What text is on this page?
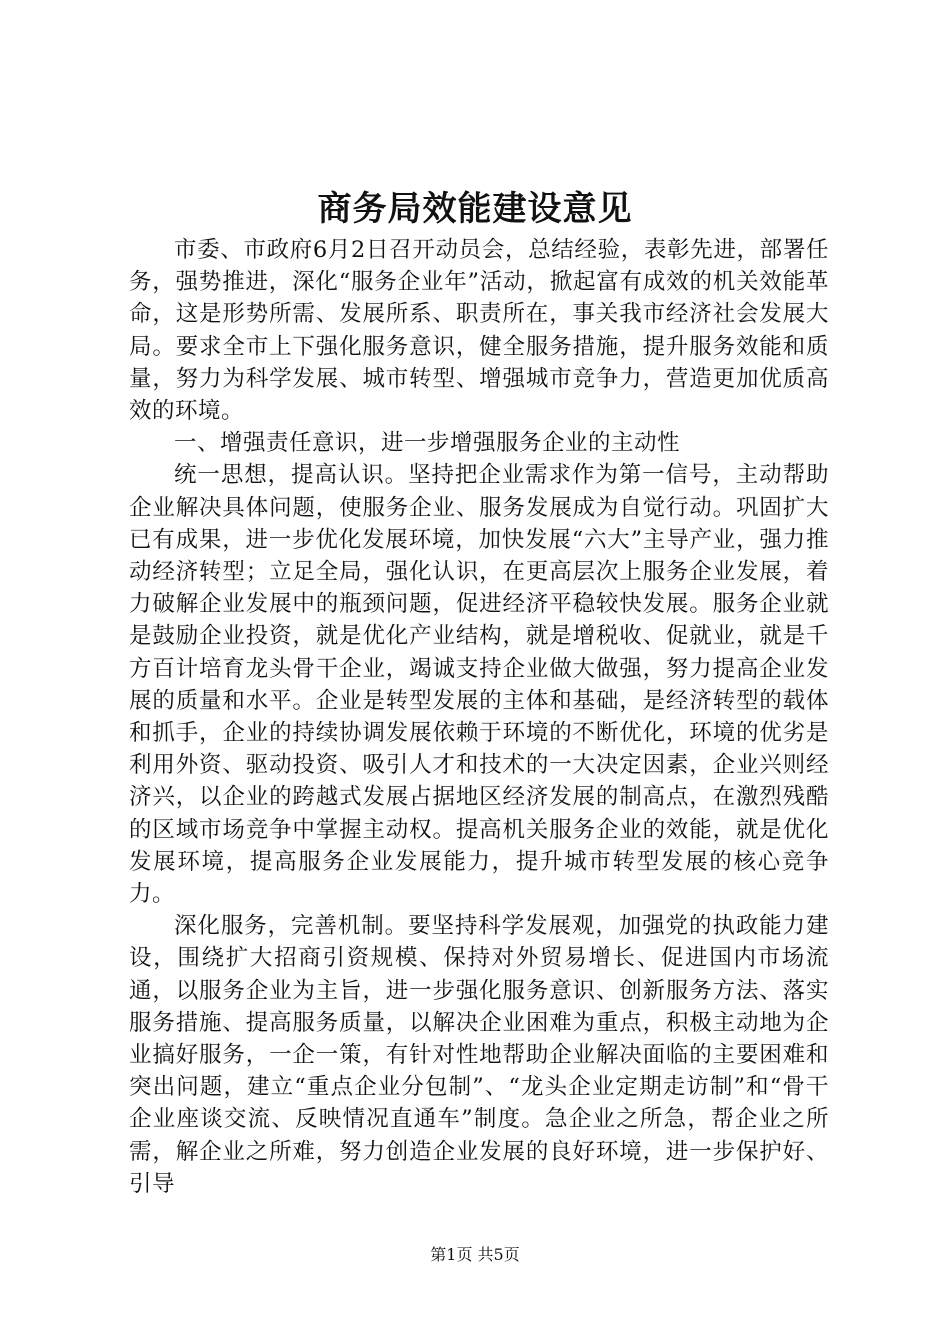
商务局效能建设意见

市委、市政府6月2日召开动员会，总结经验，表彰先进，部署任务，强势推进，深化“服务企业年”活动，掀起富有成效的机关效能革命，这是形势所需、发展所系、职责所在，事关我市经济社会发展大局。要求全市上下强化服务意识，健全服务措施，提升服务效能和质量，努力为科学发展、城市转型、增强城市竞争力，营造更加优质高效的环境。

一、增强责任意识，进一步增强服务企业的主动性

统一思想，提高认识。坚持把企业需求作为第一信号，主动帮助企业解决具体问题，使服务企业、服务发展成为自觉行动。巩固扩大已有成果，进一步优化发展环境，加快发展“六大”主导产业，强力推动经济转型；立足全局，强化认识，在更高层次上服务企业发展，着力破解企业发展中的瓶颈问题，促进经济平稳较快发展。服务企业就是鼓励企业投资，就是优化产业结构，就是增税收、促就业，就是千方百计培育龙头骨干企业，竭诚支持企业做大做强，努力提高企业发展的质量和水平。企业是转型发展的主体和基础，是经济转型的载体和抓手，企业的持续协调发展依赖于环境的不断优化，环境的优劣是利用外资、驱动投资、吸引人才和技术的一大决定因素，企业兴则经济兴，以企业的跨越式发展占据地区经济发展的制高点，在激烈残酷的区域市场竞争中掌握主动权。提高机关服务企业的效能，就是优化发展环境，提高服务企业发展能力，提升城市转型发展的核心竞争力。

深化服务，完善机制。要坚持科学发展观，加强党的执政能力建设，围绕扩大招商引资规模、保持对外贸易增长、促进国内市场流通，以服务企业为主旨，进一步强化服务意识、创新服务方法、落实服务措施、提高服务质量，以解决企业困难为重点，积极主动地为企业搞好服务，一企一策，有针对性地帮助企业解决面临的主要困难和突出问题，建立“重点企业分包制”、“龙头企业定期走访制”和“骨干企业座谈交流、反映情况直通车”制度。急企业之所急，帮企业之所需，解企业之所难，努力创造企业发展的良好环境，进一步保护好、引导

第1页 共5页
